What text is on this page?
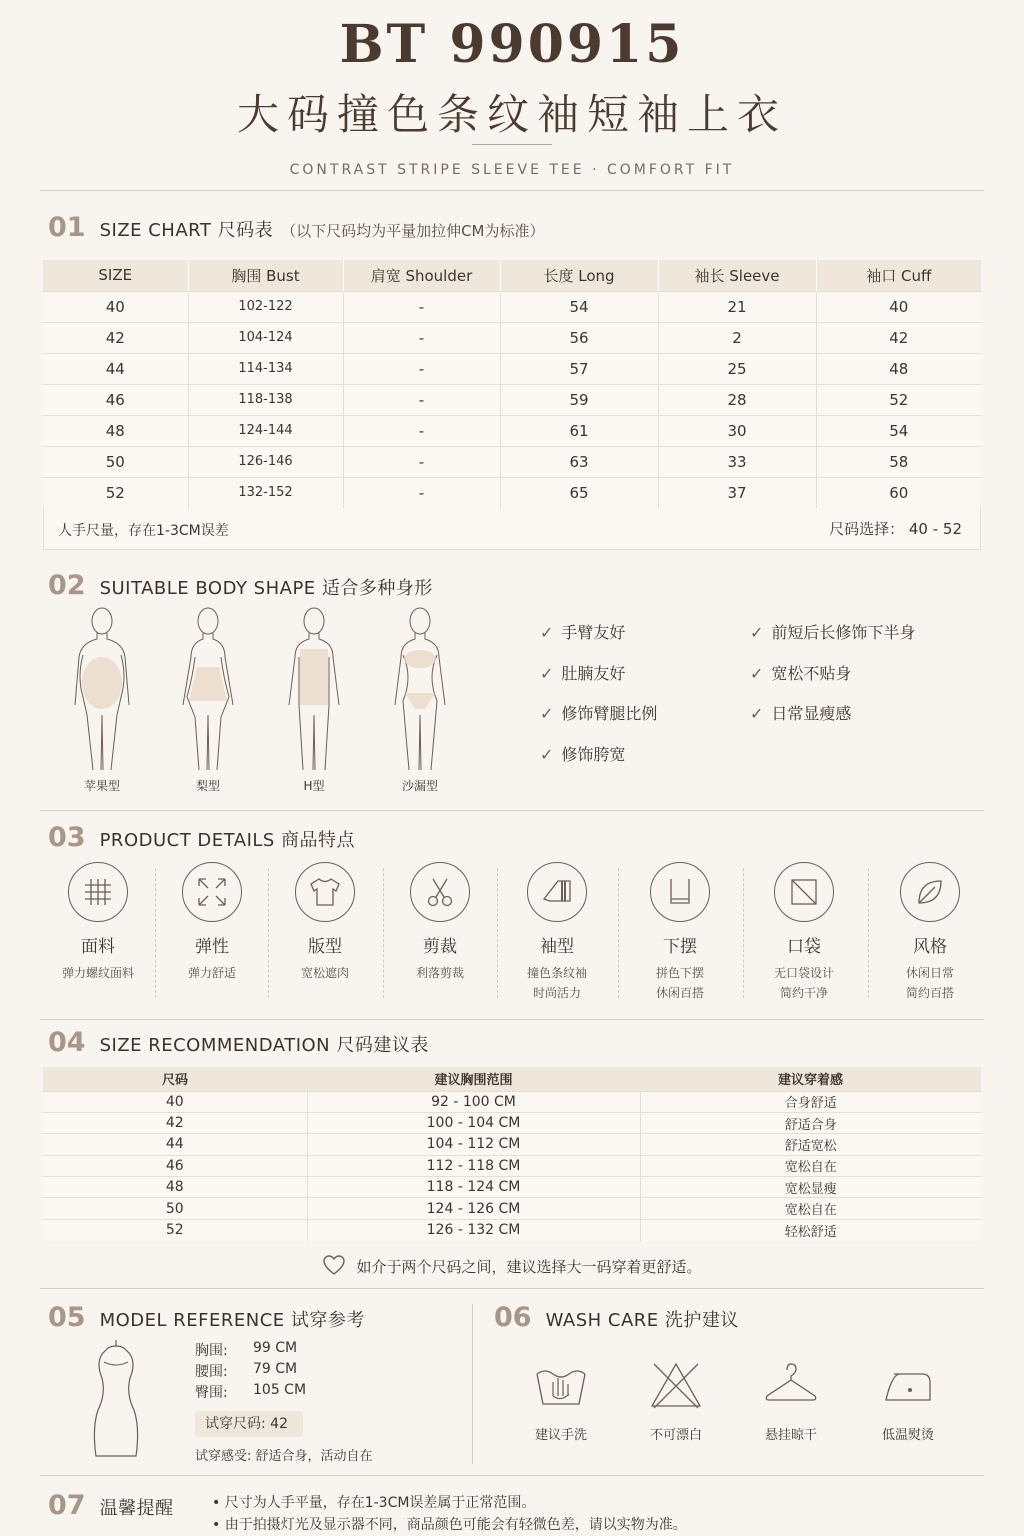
BT 990915
大码撞色条纹袖短袖上衣
CONTRAST STRIPE SLEEVE TEE · COMFORT FIT
01 SIZE CHART 尺码表 （以下尺码均为平量加拉伸CM为标准）
SIZE	胸围 Bust	肩宽 Shoulder	长度 Long	袖长 Sleeve	袖口 Cuff
40	102-122	-	54	21	40
42	104-124	-	56	2	42
44	114-134	-	57	25	48
46	118-138	-	59	28	52
48	124-144	-	61	30	54
50	126-146	-	63	33	58
52	132-152	-	65	37	60
人手尺量，存在1-3CM误差	尺码选择： 40 - 52
02 SUITABLE BODY SHAPE 适合多种身形
苹果型	梨型	H型	沙漏型
✓ 手臂友好	✓ 前短后长修饰下半身
✓ 肚腩友好	✓ 宽松不贴身
✓ 修饰臂腿比例	✓ 日常显瘦感
✓ 修饰胯宽
03 PRODUCT DETAILS 商品特点
面料
弹力螺纹面料
弹性
弹力舒适
版型
宽松遮肉
剪裁
利落剪裁
袖型
撞色条纹袖
时尚活力
下摆
拼色下摆
休闲百搭
口袋
无口袋设计
简约干净
风格
休闲日常
简约百搭
04 SIZE RECOMMENDATION 尺码建议表
尺码	建议胸围范围	建议穿着感
40	92 - 100 CM	合身舒适
42	100 - 104 CM	舒适合身
44	104 - 112 CM	舒适宽松
46	112 - 118 CM	宽松自在
48	118 - 124 CM	宽松显瘦
50	124 - 126 CM	宽松自在
52	126 - 132 CM	轻松舒适
如介于两个尺码之间，建议选择大一码穿着更舒适。
05 MODEL REFERENCE 试穿参考
胸围:	99 CM
腰围:	79 CM
臀围:	105 CM
试穿尺码: 42
试穿感受: 舒适合身，活动自在
06 WASH CARE 洗护建议
建议手洗	不可漂白	悬挂晾干	低温熨烫
07 温馨提醒	• 尺寸为人手平量，存在1-3CM误差属于正常范围。
• 由于拍摄灯光及显示器不同，商品颜色可能会有轻微色差，请以实物为准。
